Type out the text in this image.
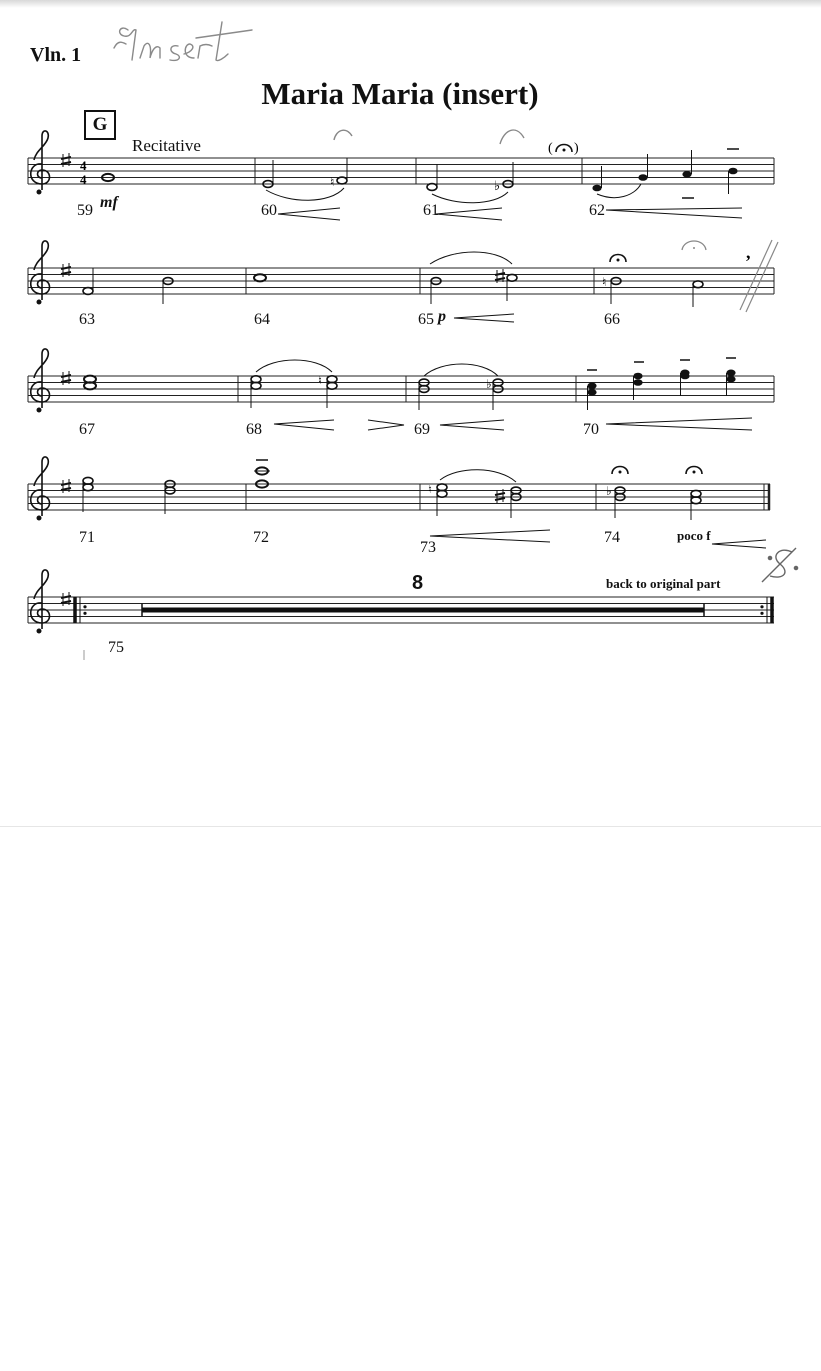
Vln. 1
Maria Maria (insert)
G
Recitative
4
4	♮	♭
( )
♮
,
♮	♭
♮	♭
59	60	61	62
63	64	65	66
67	68	69	70
71	72
73
74
75
mf
p
poco f
8	back to original part
